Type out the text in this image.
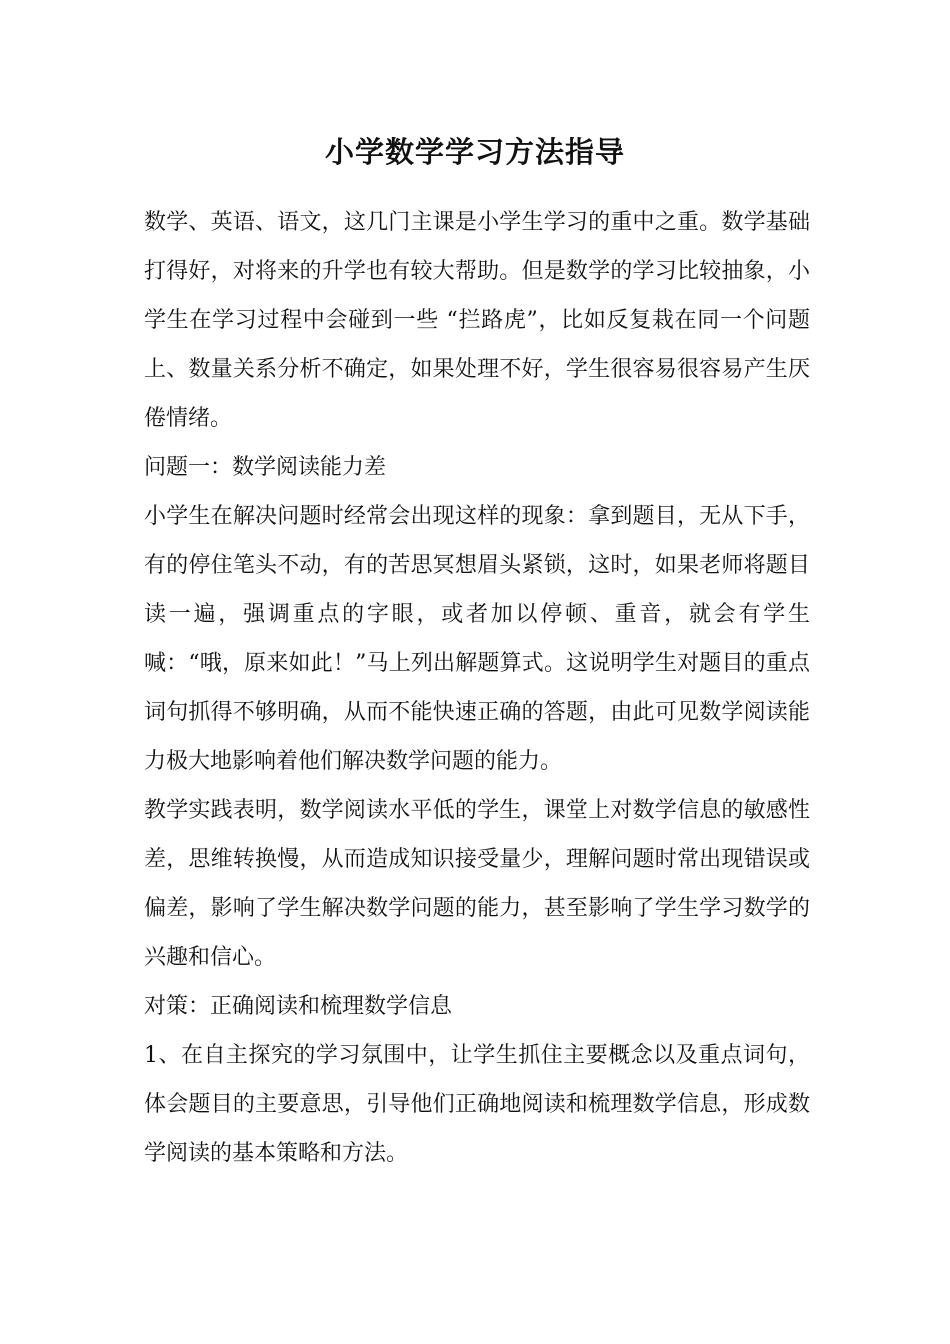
小学数学学习方法指导

数学、英语、语文，这几门主课是小学生学习的重中之重。数学基础打得好，对将来的升学也有较大帮助。但是数学的学习比较抽象，小学生在学习过程中会碰到一些 “拦路虎”，比如反复栽在同一个问题上、数量关系分析不确定，如果处理不好，学生很容易很容易产生厌倦情绪。

问题一：数学阅读能力差

小学生在解决问题时经常会出现这样的现象：拿到题目，无从下手，有的停住笔头不动，有的苦思冥想眉头紧锁，这时，如果老师将题目读一遍，强调重点的字眼，或者加以停顿、重音，就会有学生喊：“哦，原来如此！”马上列出解题算式。这说明学生对题目的重点词句抓得不够明确，从而不能快速正确的答题，由此可见数学阅读能力极大地影响着他们解决数学问题的能力。

教学实践表明，数学阅读水平低的学生，课堂上对数学信息的敏感性差，思维转换慢，从而造成知识接受量少，理解问题时常出现错误或偏差，影响了学生解决数学问题的能力，甚至影响了学生学习数学的兴趣和信心。

对策：正确阅读和梳理数学信息

1、在自主探究的学习氛围中，让学生抓住主要概念以及重点词句，体会题目的主要意思，引导他们正确地阅读和梳理数学信息，形成数学阅读的基本策略和方法。
